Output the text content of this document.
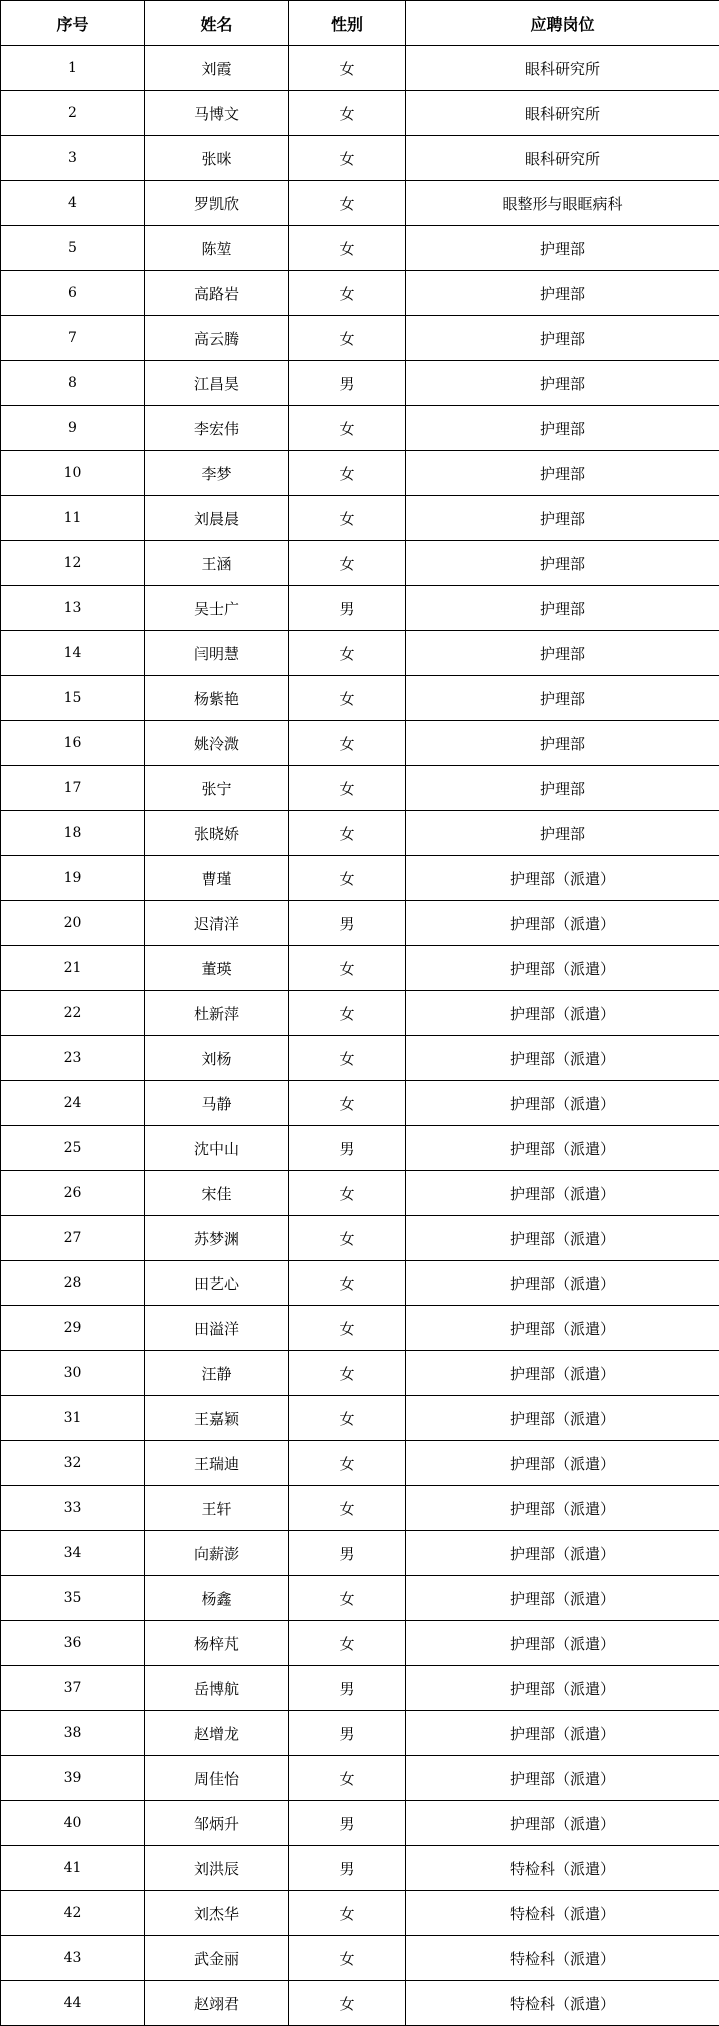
序号	姓名	性别	应聘岗位
1	刘霞	女	眼科研究所
2	马博文	女	眼科研究所
3	张咪	女	眼科研究所
4	罗凯欣	女	眼整形与眼眶病科
5	陈堃	女	护理部
6	高路岩	女	护理部
7	高云腾	女	护理部
8	江昌昊	男	护理部
9	李宏伟	女	护理部
10	李梦	女	护理部
11	刘晨晨	女	护理部
12	王涵	女	护理部
13	吴士广	男	护理部
14	闫明慧	女	护理部
15	杨紫艳	女	护理部
16	姚泠溦	女	护理部
17	张宁	女	护理部
18	张晓娇	女	护理部
19	曹瑾	女	护理部（派遣）
20	迟清洋	男	护理部（派遣）
21	董瑛	女	护理部（派遣）
22	杜新萍	女	护理部（派遣）
23	刘杨	女	护理部（派遣）
24	马静	女	护理部（派遣）
25	沈中山	男	护理部（派遣）
26	宋佳	女	护理部（派遣）
27	苏梦渊	女	护理部（派遣）
28	田艺心	女	护理部（派遣）
29	田溢洋	女	护理部（派遣）
30	汪静	女	护理部（派遣）
31	王嘉颖	女	护理部（派遣）
32	王瑞迪	女	护理部（派遣）
33	王轩	女	护理部（派遣）
34	向薪澎	男	护理部（派遣）
35	杨鑫	女	护理部（派遣）
36	杨梓芃	女	护理部（派遣）
37	岳博航	男	护理部（派遣）
38	赵增龙	男	护理部（派遣）
39	周佳怡	女	护理部（派遣）
40	邹炳升	男	护理部（派遣）
41	刘洪辰	男	特检科（派遣）
42	刘杰华	女	特检科（派遣）
43	武金丽	女	特检科（派遣）
44	赵翊君	女	特检科（派遣）
